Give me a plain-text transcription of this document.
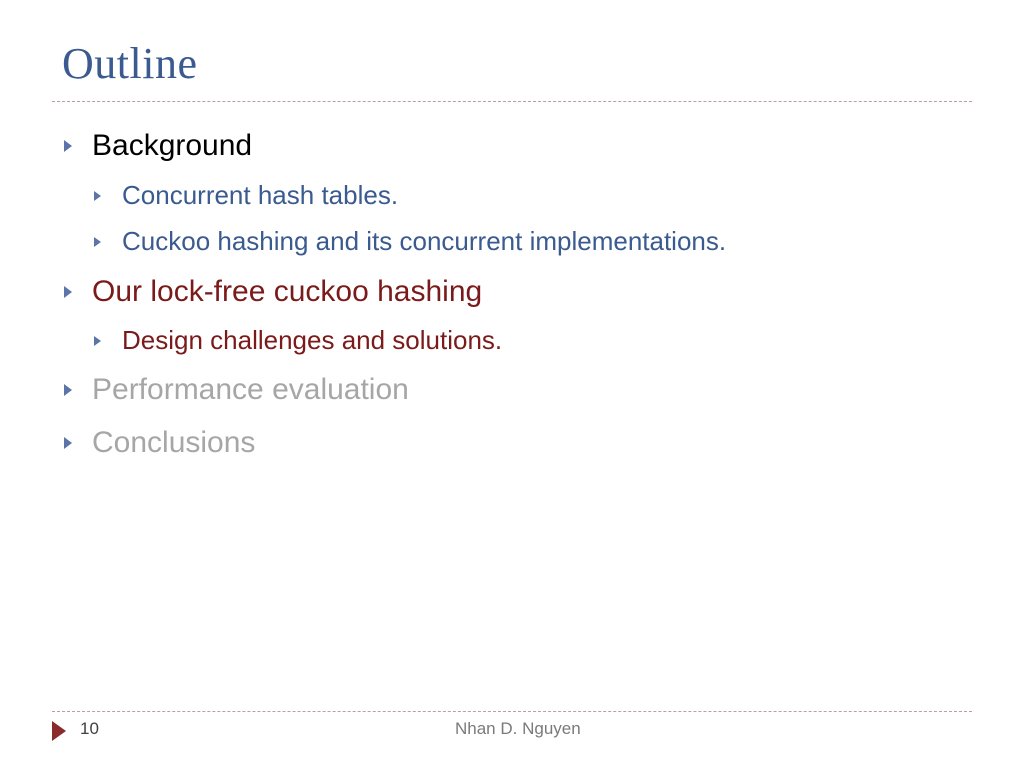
Outline
Background
Concurrent hash tables.
Cuckoo hashing and its concurrent implementations.
Our lock-free cuckoo hashing
Design challenges and solutions.
Performance evaluation
Conclusions
10	Nhan D. Nguyen
